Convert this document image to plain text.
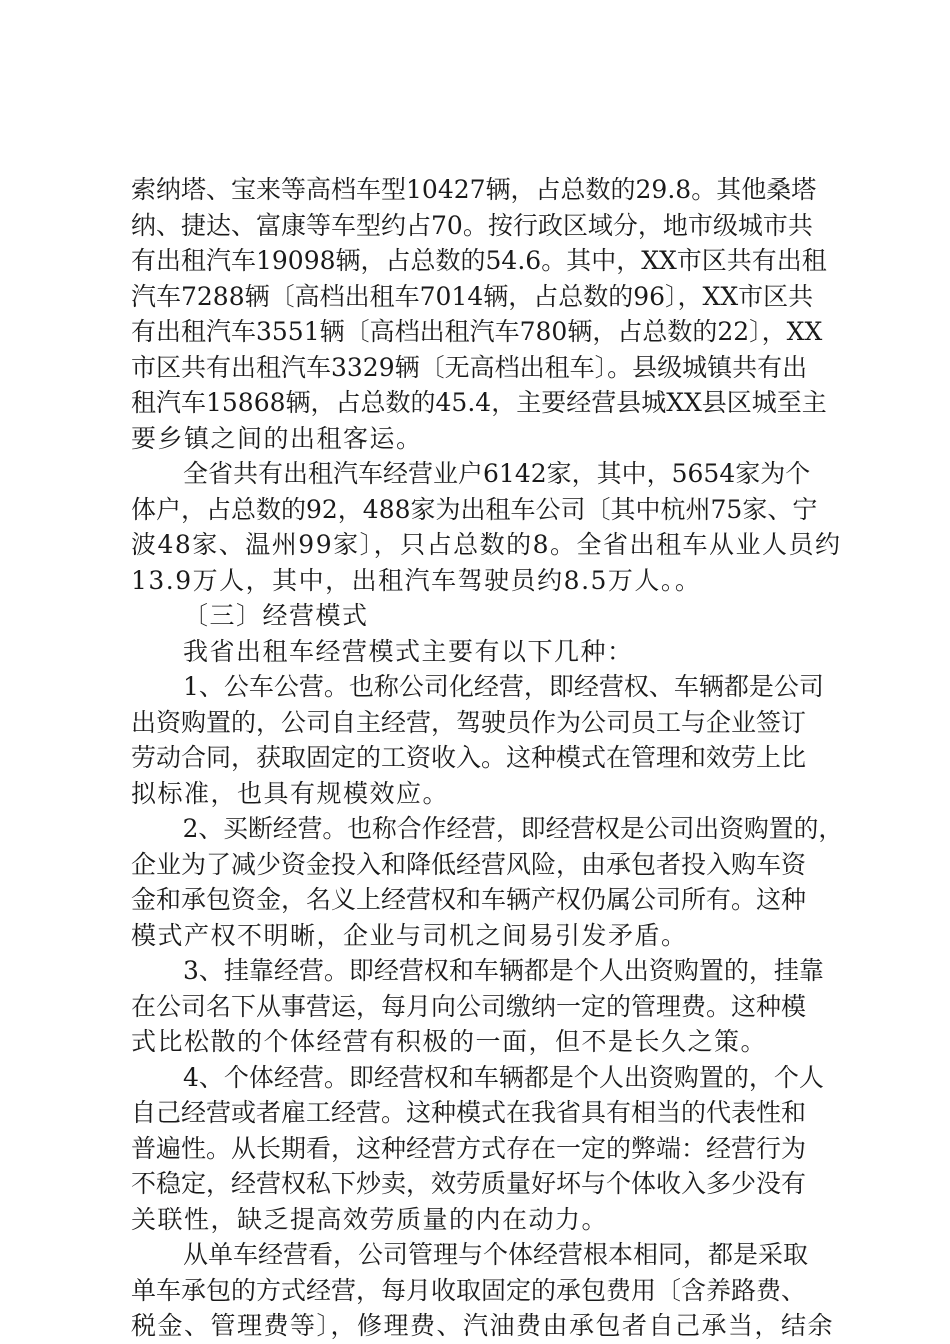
索纳塔、宝来等高档车型10427辆，占总数的29.8。其他桑塔
纳、捷达、富康等车型约占70。按行政区域分，地市级城市共
有出租汽车19098辆，占总数的54.6。其中，XX市区共有出租
汽车7288辆〔高档出租车7014辆，占总数的96〕，XX市区共
有出租汽车3551辆〔高档出租汽车780辆，占总数的22〕，XX
市区共有出租汽车3329辆〔无高档出租车〕。县级城镇共有出
租汽车15868辆，占总数的45.4，主要经营县城XX县区城至主
要乡镇之间的出租客运。
全省共有出租汽车经营业户6142家，其中，5654家为个
体户，占总数的92，488家为出租车公司〔其中杭州75家、宁
波48家、温州99家〕，只占总数的8。全省出租车从业人员约
13.9万人，其中，出租汽车驾驶员约8.5万人。。
〔三〕经营模式
我省出租车经营模式主要有以下几种：
1、公车公营。也称公司化经营，即经营权、车辆都是公司
出资购置的，公司自主经营，驾驶员作为公司员工与企业签订
劳动合同，获取固定的工资收入。这种模式在管理和效劳上比
拟标准，也具有规模效应。
2、买断经营。也称合作经营，即经营权是公司出资购置的，
企业为了减少资金投入和降低经营风险，由承包者投入购车资
金和承包资金，名义上经营权和车辆产权仍属公司所有。这种
模式产权不明晰，企业与司机之间易引发矛盾。
3、挂靠经营。即经营权和车辆都是个人出资购置的，挂靠
在公司名下从事营运，每月向公司缴纳一定的管理费。这种模
式比松散的个体经营有积极的一面，但不是长久之策。
4、个体经营。即经营权和车辆都是个人出资购置的，个人
自己经营或者雇工经营。这种模式在我省具有相当的代表性和
普遍性。从长期看，这种经营方式存在一定的弊端：经营行为
不稳定，经营权私下炒卖，效劳质量好坏与个体收入多少没有
关联性，缺乏提高效劳质量的内在动力。
从单车经营看，公司管理与个体经营根本相同，都是采取
单车承包的方式经营，每月收取固定的承包费用〔含养路费、
税金、管理费等〕，修理费、汽油费由承包者自己承当，结余
